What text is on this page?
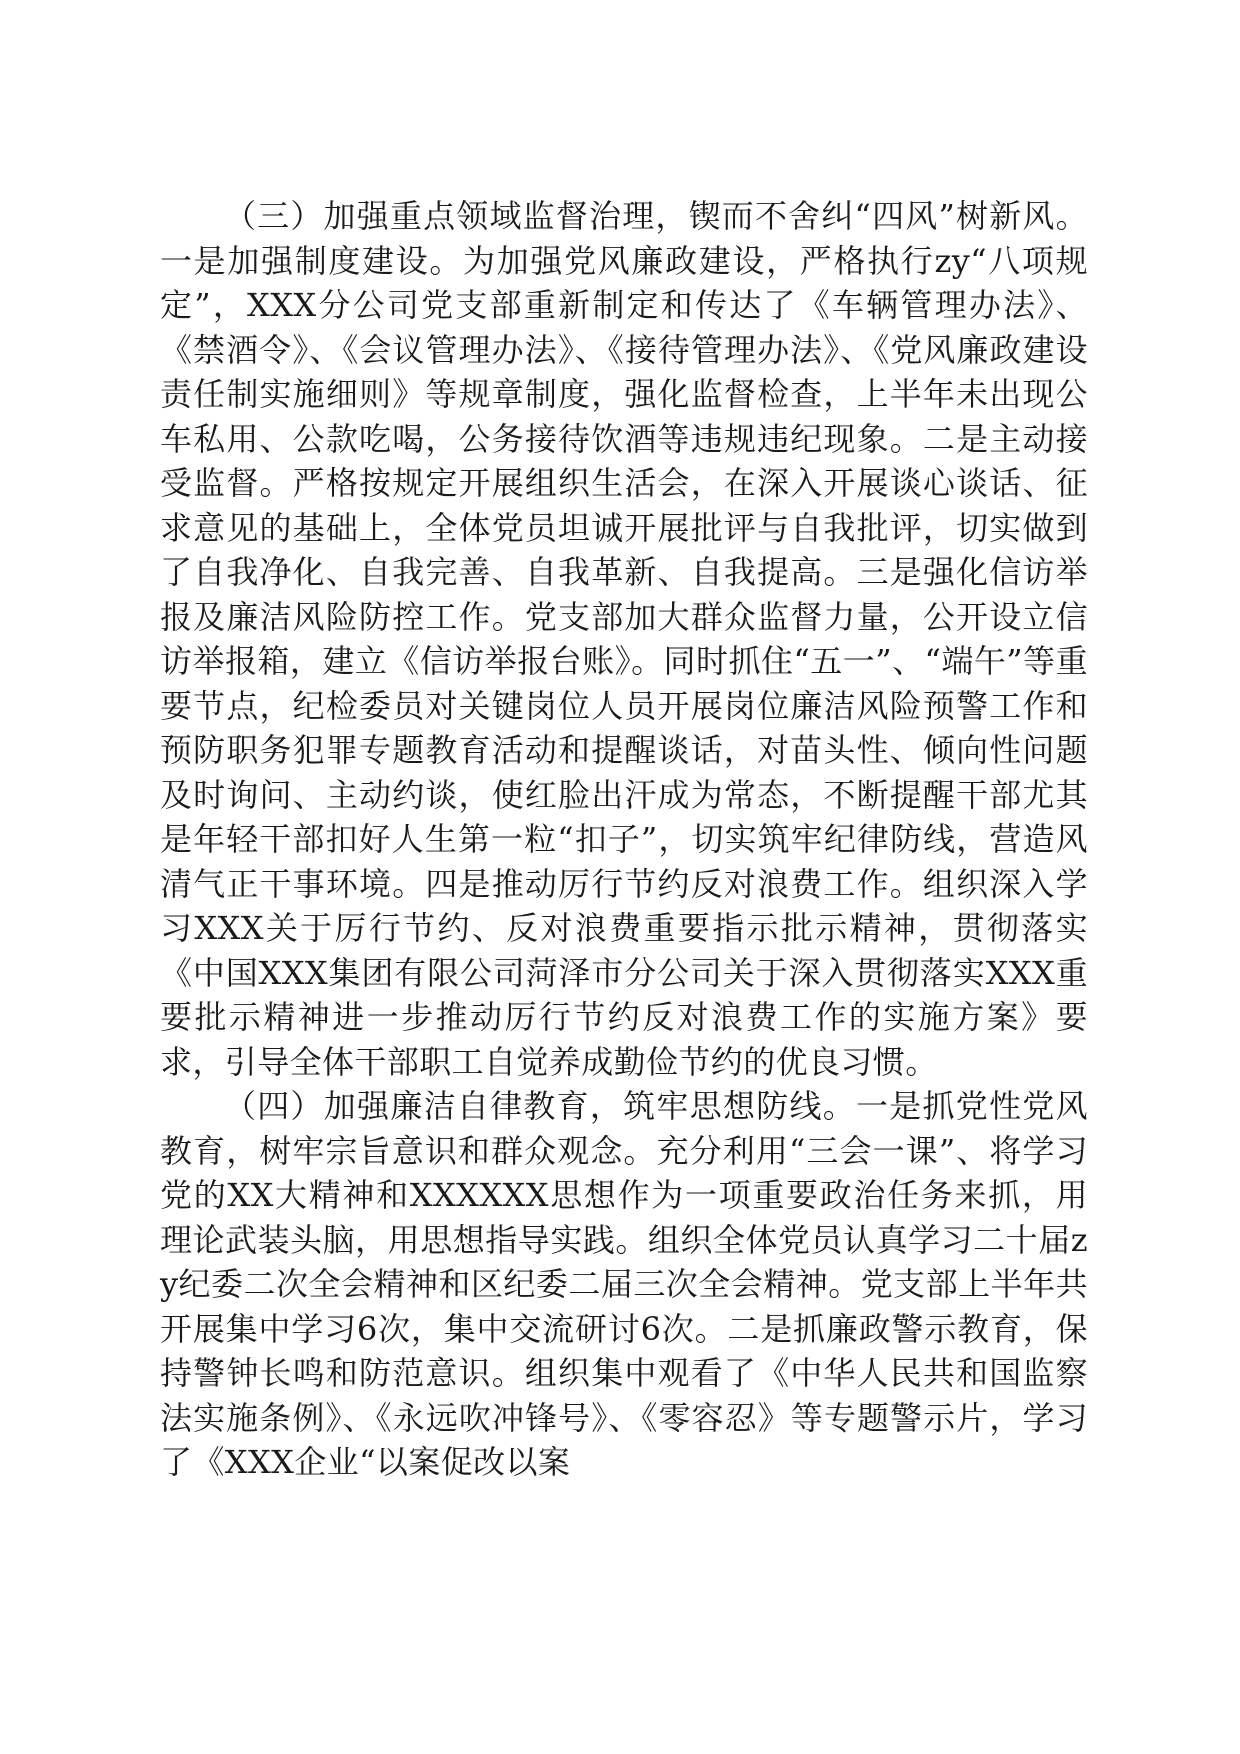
（三）加强重点领域监督治理，锲而不舍纠“四风”树新风。一是加强制度建设。为加强党风廉政建设，严格执行zy“八项规定”，XXX分公司党支部重新制定和传达了《车辆管理办法》、《禁酒令》、《会议管理办法》、《接待管理办法》、《党风廉政建设责任制实施细则》等规章制度，强化监督检查，上半年未出现公车私用、公款吃喝，公务接待饮酒等违规违纪现象。二是主动接受监督。严格按规定开展组织生活会，在深入开展谈心谈话、征求意见的基础上，全体党员坦诚开展批评与自我批评，切实做到了自我净化、自我完善、自我革新、自我提高。三是强化信访举报及廉洁风险防控工作。党支部加大群众监督力量，公开设立信访举报箱，建立《信访举报台账》。同时抓住“五一”、“端午”等重要节点，纪检委员对关键岗位人员开展岗位廉洁风险预警工作和预防职务犯罪专题教育活动和提醒谈话，对苗头性、倾向性问题及时询问、主动约谈，使红脸出汗成为常态，不断提醒干部尤其是年轻干部扣好人生第一粒“扣子”，切实筑牢纪律防线，营造风清气正干事环境。四是推动厉行节约反对浪费工作。组织深入学习XXX关于厉行节约、反对浪费重要指示批示精神，贯彻落实《中国XXX集团有限公司菏泽市分公司关于深入贯彻落实XXX重要批示精神进一步推动厉行节约反对浪费工作的实施方案》要求，引导全体干部职工自觉养成勤俭节约的优良习惯。

（四）加强廉洁自律教育，筑牢思想防线。一是抓党性党风教育，树牢宗旨意识和群众观念。充分利用“三会一课”、将学习党的XX大精神和XXXXXX思想作为一项重要政治任务来抓，用理论武装头脑，用思想指导实践。组织全体党员认真学习二十届zy纪委二次全会精神和区纪委二届三次全会精神。党支部上半年共开展集中学习6次，集中交流研讨6次。二是抓廉政警示教育，保持警钟长鸣和防范意识。组织集中观看了《中华人民共和国监察法实施条例》、《永远吹冲锋号》、《零容忍》等专题警示片，学习了《XXX企业“以案促改以案
